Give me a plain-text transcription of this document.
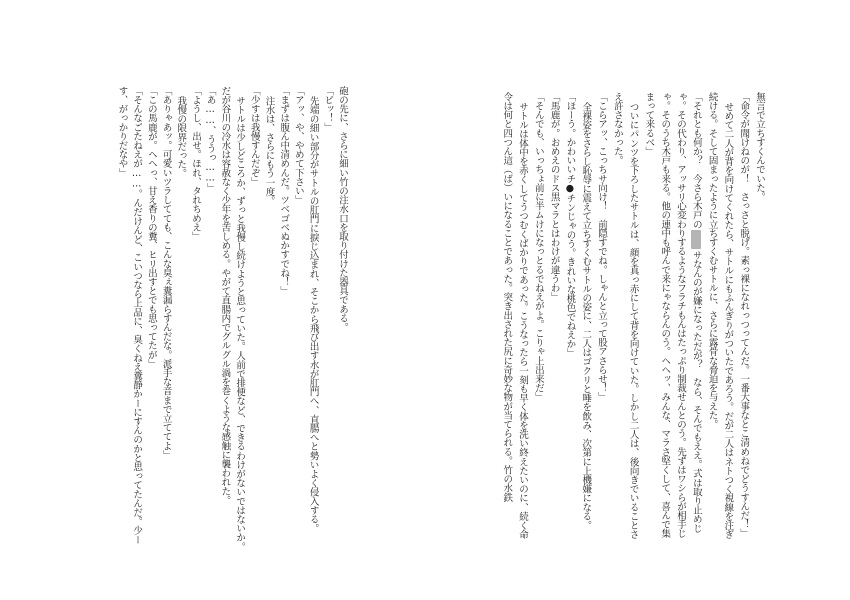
無言で立ちすくんでいた。

「命令が聞けねのが！　さっさと脱げ。素っ裸になれっつってんだ。一番大事なとこ清めねでどうすんだ！」

せめて二人が背を向けてくれたら、サトルにもふんぎりがついたであろう。だが二人はネトつく視線を注ぎ続ける。そして固まったように立ちすくむサトルに、さらに露骨な脅迫を与えた。

「それとも何か？　今さら木戸のサなんのが嫌になっただが？　なら、そんでもええ。式は取り止めじゃ。その代わり、アッサリ心変わりするようなフラチもんはたっぷり制裁せんとのう。先ずはワシらが相手じゃ。そのうち木戸も来る。他の連中も呼んで来にゃならんのう。ヘヘッ、みんな、マラさ堅くして、喜んで集まって来るべ」

ついにパンツを下ろしたサトルは、顔を真っ赤にして背を向けていた。しかし二人は、後向きでいることさえ許さなかった。

「こらアッ、こっちサ向け！　前隠すでね。しゃんと立って股アさらせ！」

全裸姿をさらし恥辱に震えて立ちすくむサトルの姿に、二人はゴクリと唾を飲み、次第に上機嫌になる。

「ほーう。かわいいチ●チンじゃのう。きれいな桃色でねえか」

「馬鹿が。おめえのドス黒マラとはわけが違うわ」

「そんでも、いっちょ前に半ムけになっとるでねえがよ。こりゃ上出来だ」

サトルは体中を赤くしてうつむくばかりであった。こうなったら一刻も早く体を洗い終えたいのに、続く命令は何と四つん這（ば）いになることであった。突き出された尻に奇妙な物が当てられる。竹の水鉄

砲の先に、さらに細い竹の注水口を取り付けた器具である。

「ピッ！」

先端の細い部分がサトルの肛門に捩じ込まれ、そこから飛び出す水が肛門へ、直腸へと勢いよく侵入する。

「アッ、や、やめて下さい」

「まずは腹ん中清めんだ。ツベゴベぬかすでね！」

注水は、さらにもう一度。

「少すは我慢すんだぞ」

サトルは少しどころか、ずっと我慢し続けようと思っていた。人前で排便など、できるわけがないではないか。だが谷川の冷水は容赦なく少年を苦しめる。やがて直腸内でグルグル渦を巻くような感触に襲われた。

「あ……、ううっ……」

「ようし、出せ。ほれ、タれちめえ」

我慢の限界だった。

「ありゃあッ。可愛いツラしてても、こんな臭ぇ糞漏らすんだな。派手な音まで立ててよ」

「この馬鹿が。ヘヘっ、甘え香りの糞、ヒリ出すとでも思ってたが」

「そんなごたねえが……。んだけんど、こいつなら上品に、臭くねえ糞静かーにすんのかと思ってたんだ。少ーす、がっかりだなや」
